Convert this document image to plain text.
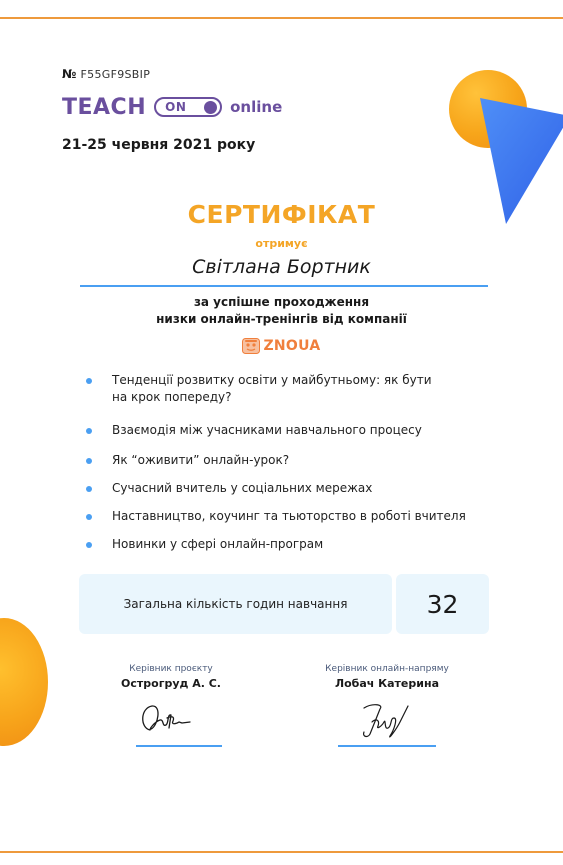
№ F55GF9SBIP
TEACH ON	online
21-25 червня 2021 року
СЕРТИФІКАТ
отримує
Світлана Бортник
за успішне проходження
низки онлайн-тренінгів від компанії
ZNOUA
Тенденції розвитку освіти у майбутньому: як бути
на крок попереду?
Взаємодія між учасниками навчального процесу
Як “оживити” онлайн-урок?
Сучасний вчитель у соціальних мережах
Наставництво, коучинг та тьюторство в роботі вчителя
Новинки у сфері онлайн-програм
Загальна кількість годин навчання	32
Керівник проєкту
Острогруд А. С.
Керівник онлайн-напряму
Лобач Катерина
